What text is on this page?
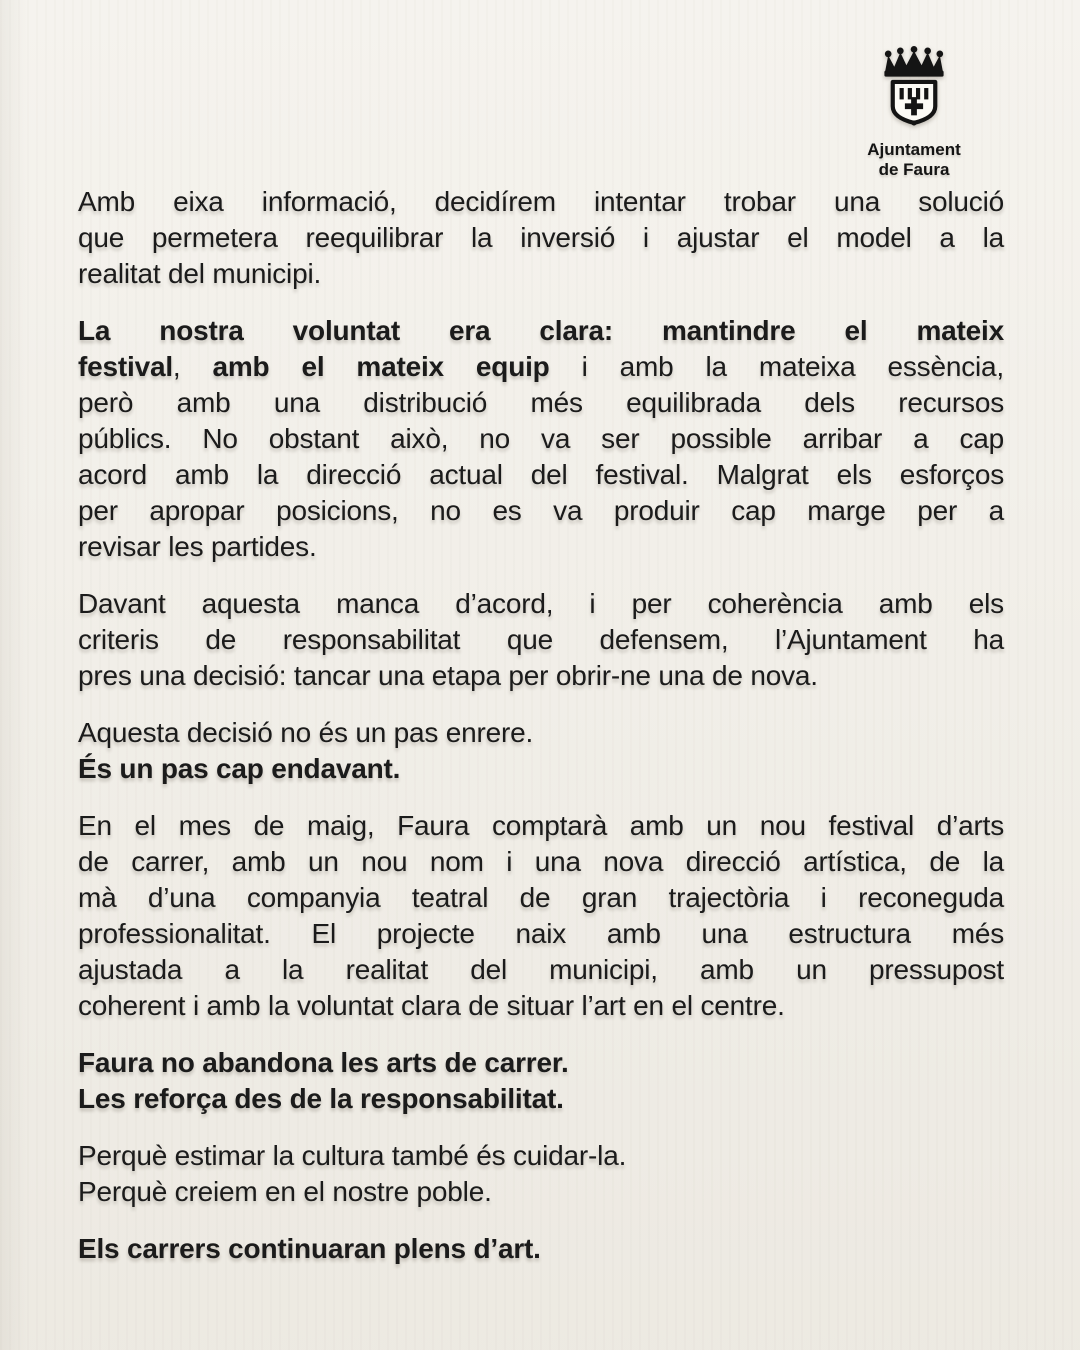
Ajuntament
de Faura
Amb eixa informació, decidírem intentar trobar una solució
que permetera reequilibrar la inversió i ajustar el model a la
realitat del municipi.
La nostra voluntat era clara: mantindre el mateix
festival, amb el mateix equip i amb la mateixa essència,
però amb una distribució més equilibrada dels recursos
públics. No obstant això, no va ser possible arribar a cap
acord amb la direcció actual del festival. Malgrat els esforços
per apropar posicions, no es va produir cap marge per a
revisar les partides.
Davant aquesta manca d’acord, i per coherència amb els
criteris de responsabilitat que defensem, l’Ajuntament ha
pres una decisió: tancar una etapa per obrir-ne una de nova.
Aquesta decisió no és un pas enrere.
És un pas cap endavant.
En el mes de maig, Faura comptarà amb un nou festival d’arts
de carrer, amb un nou nom i una nova direcció artística, de la
mà d’una companyia teatral de gran trajectòria i reconeguda
professionalitat. El projecte naix amb una estructura més
ajustada a la realitat del municipi, amb un pressupost
coherent i amb la voluntat clara de situar l’art en el centre.
Faura no abandona les arts de carrer.
Les reforça des de la responsabilitat.
Perquè estimar la cultura també és cuidar-la.
Perquè creiem en el nostre poble.
Els carrers continuaran plens d’art.
